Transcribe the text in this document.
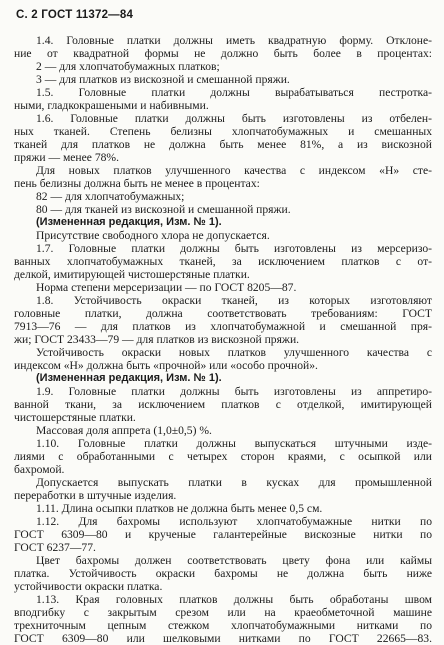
С. 2 ГОСТ 11372—84
1.4. Головные платки должны иметь квадратную форму. Отклоне-
ние от квадратной формы не должно быть более в процентах:
2 — для хлопчатобумажных платков;
3 — для платков из вискозной и смешанной пряжи.
1.5. Головные платки должны вырабатываться пестротка-
ными, гладкокрашеными и набивными.
1.6. Головные платки должны быть изготовлены из отбелен-
ных тканей. Степень белизны хлопчатобумажных и смешанных
тканей для платков не должна быть менее 81%, а из вискозной
пряжи — менее 78%.
Для новых платков улучшенного качества с индексом «Н» сте-
пень белизны должна быть не менее в процентах:
82 — для хлопчатобумажных;
80 — для тканей из вискозной и смешанной пряжи.
(Измененная редакция, Изм. № 1).
Присутствие свободного хлора не допускается.
1.7. Головные платки должны быть изготовлены из мерсеризо-
ванных хлопчатобумажных тканей, за исключением платков с от-
делкой, имитирующей чистошерстяные платки.
Норма степени мерсеризации — по ГОСТ 8205—87.
1.8. Устойчивость окраски тканей, из которых изготовляют
головные платки, должна соответствовать требованиям: ГОСТ
7913—76 — для платков из хлопчатобумажной и смешанной пря-
жи; ГОСТ 23433—79 — для платков из вискозной пряжи.
Устойчивость окраски новых платков улучшенного качества с
индексом «Н» должна быть «прочной» или «особо прочной».
(Измененная редакция, Изм. № 1).
1.9. Головные платки должны быть изготовлены из аппретиро-
ванной ткани, за исключением платков с отделкой, имитирующей
чистошерстяные платки.
Массовая доля аппрета (1,0±0,5) %.
1.10. Головные платки должны выпускаться штучными изде-
лиями с обработанными с четырех сторон краями, с осыпкой или
бахромой.
Допускается выпускать платки в кусках для промышленной
переработки в штучные изделия.
1.11. Длина осыпки платков не должна быть менее 0,5 см.
1.12. Для бахромы используют хлопчатобумажные нитки по
ГОСТ 6309—80 и крученые галантерейные вискозные нитки по
ГОСТ 6237—77.
Цвет бахромы должен соответствовать цвету фона или каймы
платка. Устойчивость окраски бахромы не должна быть ниже
устойчивости окраски платка.
1.13. Края головных платков должны быть обработаны швом
вподгибку с закрытым срезом или на краеобметочной машине
трехниточным цепным стежком хлопчатобумажными нитками по
ГОСТ 6309—80 или шелковыми нитками по ГОСТ 22665—83.
